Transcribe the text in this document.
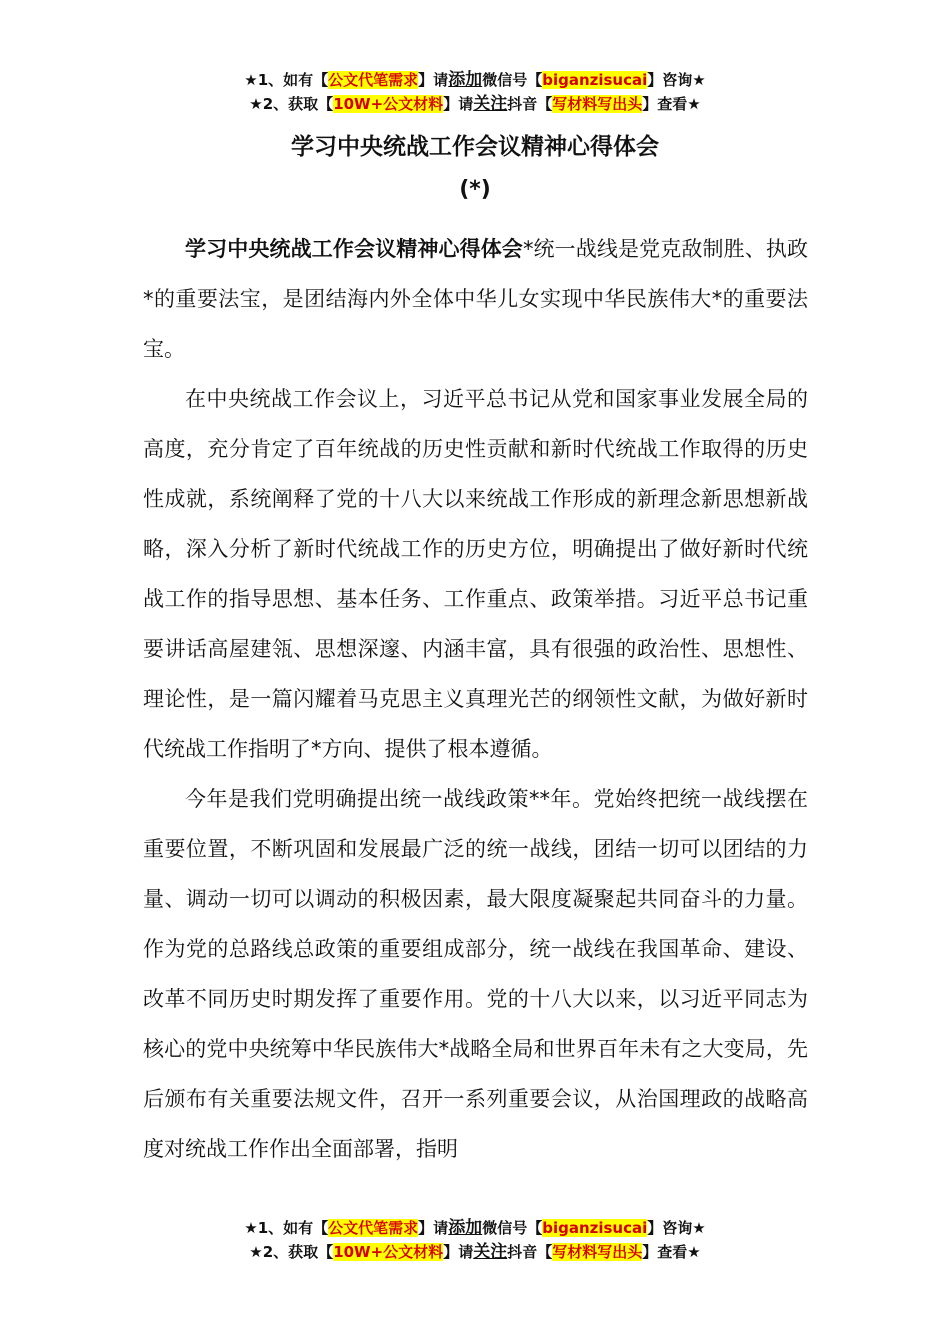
★1、如有【公文代笔需求】请添加微信号【biganzisucai】咨询★
★2、获取【10W+公文材料】请关注抖音【写材料写出头】查看★
学习中央统战工作会议精神心得体会
(*)

学习中央统战工作会议精神心得体会*统一战线是党克敌制胜、执政*的重要法宝，是团结海内外全体中华儿女实现中华民族伟大*的重要法宝。

在中央统战工作会议上，习近平总书记从党和国家事业发展全局的高度，充分肯定了百年统战的历史性贡献和新时代统战工作取得的历史性成就，系统阐释了党的十八大以来统战工作形成的新理念新思想新战略，深入分析了新时代统战工作的历史方位，明确提出了做好新时代统战工作的指导思想、基本任务、工作重点、政策举措。习近平总书记重要讲话高屋建瓴、思想深邃、内涵丰富，具有很强的政治性、思想性、理论性，是一篇闪耀着马克思主义真理光芒的纲领性文献，为做好新时代统战工作指明了*方向、提供了根本遵循。

今年是我们党明确提出统一战线政策**年。党始终把统一战线摆在重要位置，不断巩固和发展最广泛的统一战线，团结一切可以团结的力量、调动一切可以调动的积极因素，最大限度凝聚起共同奋斗的力量。作为党的总路线总政策的重要组成部分，统一战线在我国革命、建设、改革不同历史时期发挥了重要作用。党的十八大以来，以习近平同志为核心的党中央统筹中华民族伟大*战略全局和世界百年未有之大变局，先后颁布有关重要法规文件，召开一系列重要会议，从治国理政的战略高度对统战工作作出全面部署，指明

★1、如有【公文代笔需求】请添加微信号【biganzisucai】咨询★
★2、获取【10W+公文材料】请关注抖音【写材料写出头】查看★
